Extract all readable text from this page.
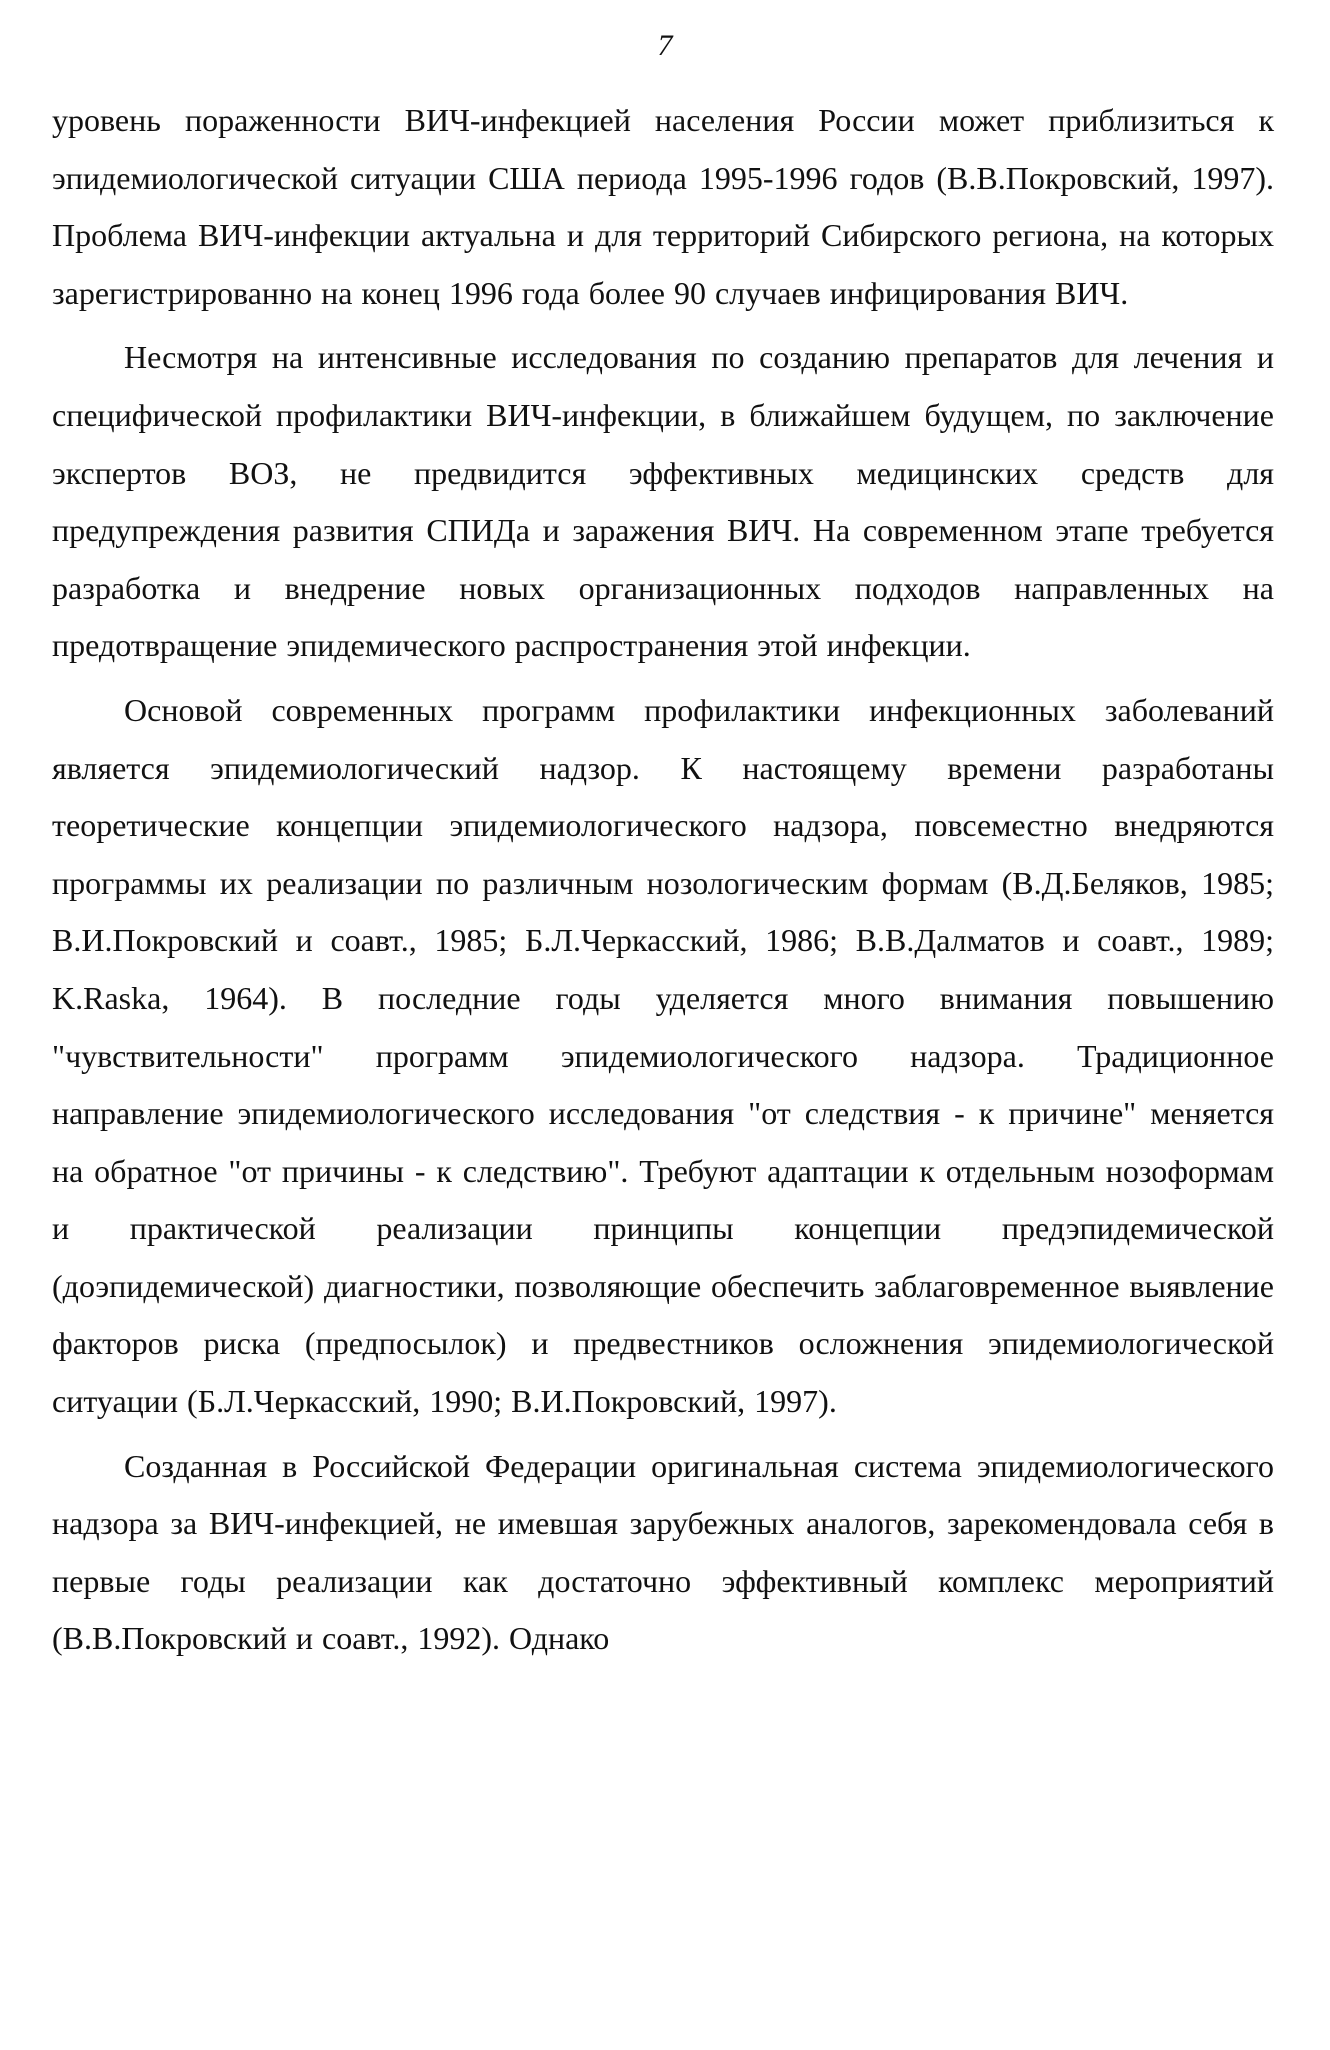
7

уровень пораженности ВИЧ-инфекцией населения России может приблизиться к эпидемиологической ситуации США периода 1995-1996 годов (В.В.Покровский, 1997). Проблема ВИЧ-инфекции актуальна и для территорий Сибирского региона, на которых зарегистрированно на конец 1996 года более 90 случаев инфицирования ВИЧ.

Несмотря на интенсивные исследования по созданию препаратов для лечения и специфической профилактики ВИЧ-инфекции, в ближайшем будущем, по заключение экспертов ВОЗ, не предвидится эффективных медицинских средств для предупреждения развития СПИДа и заражения ВИЧ. На современном этапе требуется разработка и внедрение новых организационных подходов направленных на предотвращение эпидемического распространения этой инфекции.

Основой современных программ профилактики инфекционных заболеваний является эпидемиологический надзор. К настоящему времени разработаны теоретические концепции эпидемиологического надзора, повсеместно внедряются программы их реализации по различным нозологическим формам (В.Д.Беляков, 1985; В.И.Покровский и соавт., 1985; Б.Л.Черкасский, 1986; В.В.Далматов и соавт., 1989; K.Raska, 1964). В последние годы уделяется много внимания повышению "чувствительности" программ эпидемиологического надзора. Традиционное направление эпидемиологического исследования "от следствия - к причине" меняется на обратное "от причины - к следствию". Требуют адаптации к отдельным нозоформам и практической реализации принципы концепции предэпидемической (доэпидемической) диагностики, позволяющие обеспечить заблаговременное выявление факторов риска (предпосылок) и предвестников осложнения эпидемиологической ситуации (Б.Л.Черкасский, 1990; В.И.Покровский, 1997).

Созданная в Российской Федерации оригинальная система эпидемиологического надзора за ВИЧ-инфекцией, не имевшая зарубежных аналогов, зарекомендовала себя в первые годы реализации как достаточно эффективный комплекс мероприятий (В.В.Покровский и соавт., 1992). Однако
